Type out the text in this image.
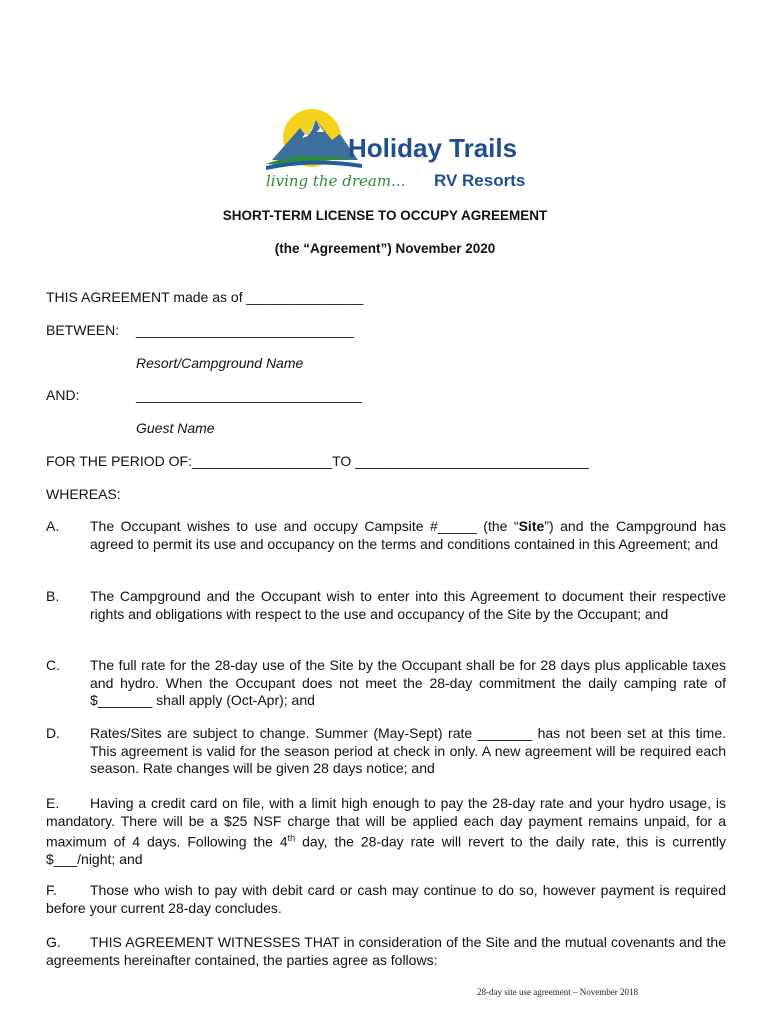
Holiday Trails
living the dream... RV Resorts
SHORT-TERM LICENSE TO OCCUPY AGREEMENT
(the “Agreement”) November 2020
THIS AGREEMENT made as of _______________
BETWEEN: ____________________________
Resort/Campground Name
AND:	_____________________________
Guest Name
FOR THE PERIOD OF:__________________TO ______________________________
WHEREAS:
A. The Occupant wishes to use and occupy Campsite #_____ (the “Site”) and the Campground has agreed to permit its use and occupancy on the terms and conditions contained in this Agreement; and
B. The Campground and the Occupant wish to enter into this Agreement to document their respective rights and obligations with respect to the use and occupancy of the Site by the Occupant; and
C. The full rate for the 28-day use of the Site by the Occupant shall be for 28 days plus applicable taxes and hydro. When the Occupant does not meet the 28-day commitment the daily camping rate of $_______ shall apply (Oct-Apr); and
D. Rates/Sites are subject to change. Summer (May-Sept) rate _______ has not been set at this time. This agreement is valid for the season period at check in only. A new agreement will be required each season. Rate changes will be given 28 days notice; and
E. Having a credit card on file, with a limit high enough to pay the 28-day rate and your hydro usage, is mandatory. There will be a $25 NSF charge that will be applied each day payment remains unpaid, for a maximum of 4 days. Following the 4th day, the 28-day rate will revert to the daily rate, this is currently $___/night; and
F. Those who wish to pay with debit card or cash may continue to do so, however payment is required before your current 28-day concludes.
G. THIS AGREEMENT WITNESSES THAT in consideration of the Site and the mutual covenants and the agreements hereinafter contained, the parties agree as follows:
28-day site use agreement – November 2018
